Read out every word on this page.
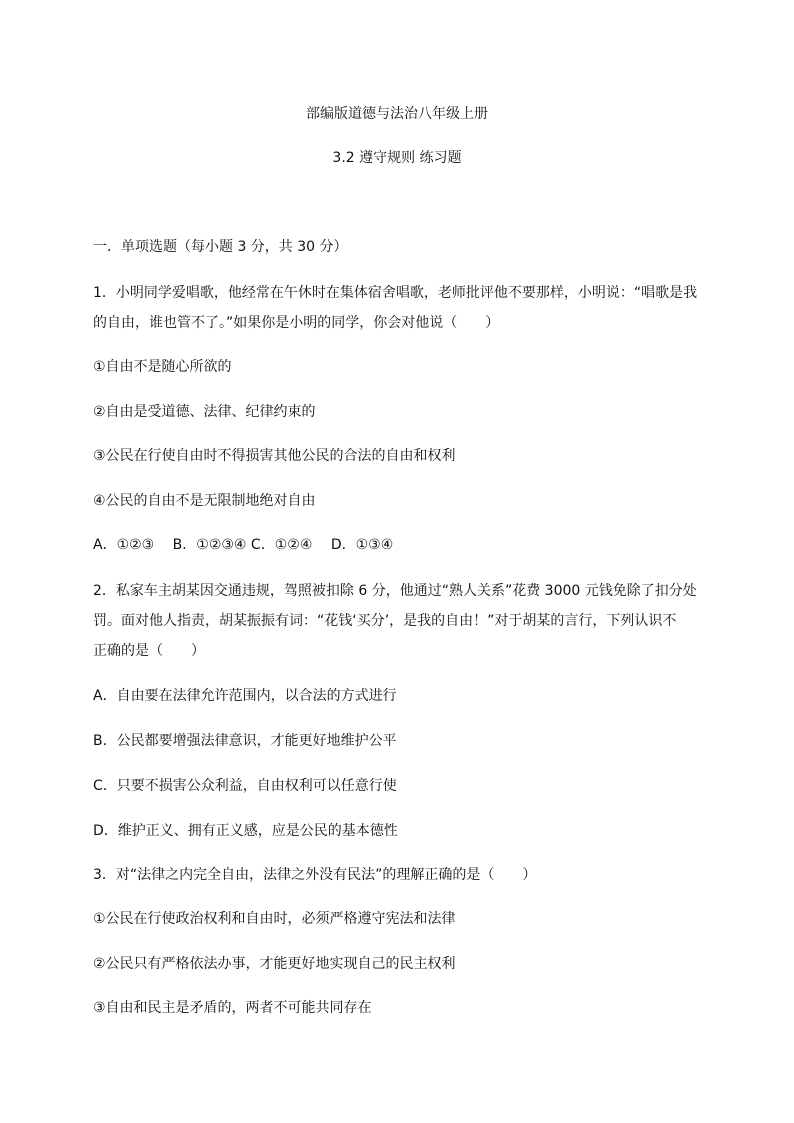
部编版道德与法治八年级上册
3.2 遵守规则 练习题
一．单项选题（每小题 3 分，共 30 分）
1．小明同学爱唱歌，他经常在午休时在集体宿舍唱歌，老师批评他不要那样，小明说：“唱歌是我
的自由，谁也管不了。”如果你是小明的同学，你会对他说（　　）
①自由不是随心所欲的
②自由是受道德、法律、纪律约束的
③公民在行使自由时不得损害其他公民的合法的自由和权利
④公民的自由不是无限制地绝对自由
A．①②③　 B．①②③④ C．①②④　 D．①③④
2．私家车主胡某因交通违规，驾照被扣除 6 分，他通过“熟人关系”花费 3000 元钱免除了扣分处
罚。面对他人指责，胡某振振有词：“花钱‘买分’，是我的自由！”对于胡某的言行，下列认识不
正确的是（　　）
A．自由要在法律允许范围内，以合法的方式进行
B．公民都要增强法律意识，才能更好地维护公平
C．只要不损害公众利益，自由权利可以任意行使
D．维护正义、拥有正义感，应是公民的基本德性
3．对“法律之内完全自由，法律之外没有民法”的理解正确的是（　　）
①公民在行使政治权利和自由时，必须严格遵守宪法和法律
②公民只有严格依法办事，才能更好地实现自己的民主权利
③自由和民主是矛盾的，两者不可能共同存在
